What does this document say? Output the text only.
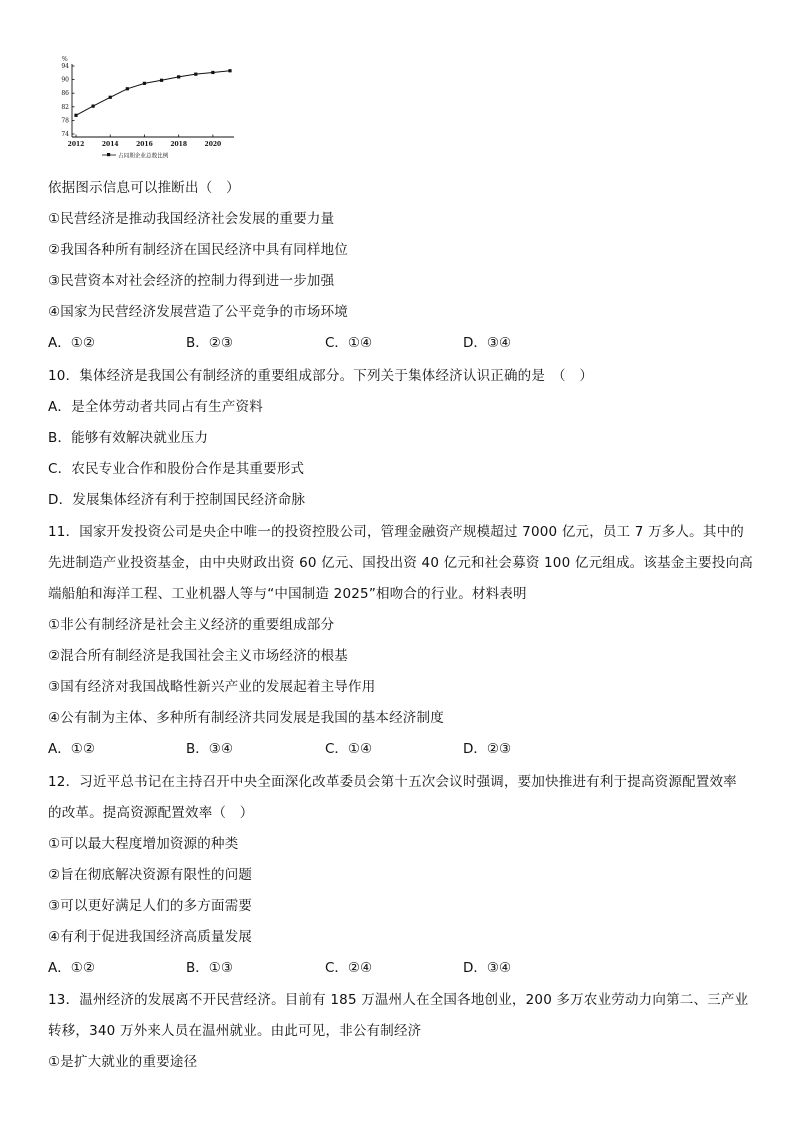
%
74
78
82
86
90
94
2012	2014	2016	2018	2020
占同期企业总数比例
依据图示信息可以推断出（　）
①民营经济是推动我国经济社会发展的重要力量
②我国各种所有制经济在国民经济中具有同样地位
③民营资本对社会经济的控制力得到进一步加强
④国家为民营经济发展营造了公平竞争的市场环境
A．①②	B．②③	C．①④	D．③④
10．集体经济是我国公有制经济的重要组成部分。下列关于集体经济认识正确的是　（　）
A．是全体劳动者共同占有生产资料
B．能够有效解决就业压力
C．农民专业合作和股份合作是其重要形式
D．发展集体经济有利于控制国民经济命脉
11．国家开发投资公司是央企中唯一的投资控股公司，管理金融资产规模超过 7000 亿元，员工 7 万多人。其中的
先进制造产业投资基金，由中央财政出资 60 亿元、国投出资 40 亿元和社会募资 100 亿元组成。该基金主要投向高
端船舶和海洋工程、工业机器人等与“中国制造 2025”相吻合的行业。材料表明
①非公有制经济是社会主义经济的重要组成部分
②混合所有制经济是我国社会主义市场经济的根基
③国有经济对我国战略性新兴产业的发展起着主导作用
④公有制为主体、多种所有制经济共同发展是我国的基本经济制度
A．①②	B．③④	C．①④	D．②③
12．习近平总书记在主持召开中央全面深化改革委员会第十五次会议时强调，要加快推进有利于提高资源配置效率
的改革。提高资源配置效率（　）
①可以最大程度增加资源的种类
②旨在彻底解决资源有限性的问题
③可以更好满足人们的多方面需要
④有利于促进我国经济高质量发展
A．①②	B．①③	C．②④	D．③④
13．温州经济的发展离不开民营经济。目前有 185 万温州人在全国各地创业，200 多万农业劳动力向第二、三产业
转移，340 万外来人员在温州就业。由此可见，非公有制经济
①是扩大就业的重要途径
